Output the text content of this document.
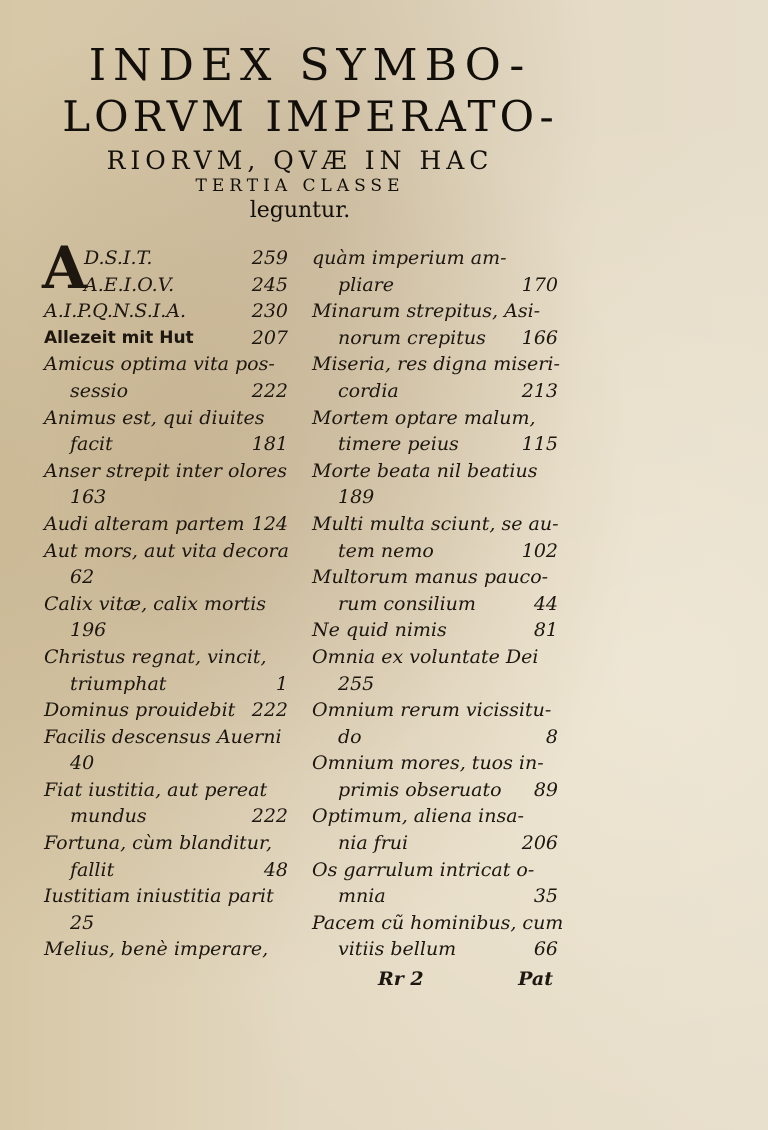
INDEX SYMBO-
LORVM IMPERATO-
RIORVM, QVÆ IN HAC
TERTIA CLASSE
leguntur.
A
D.S.I.T.	259
A.E.I.O.V.	245
A.I.P.Q.N.S.I.A.	230
Allezeit mit Hut	207
Amicus optima vita pos-
sessio	222
Animus est, qui diuites
facit	181
Anser strepit inter olores
163
Audi alteram partem 124
Aut mors, aut vita decora
62
Calix vitæ, calix mortis
196
Christus regnat, vincit,
triumphat	1
Dominus prouidebit 222
Facilis descensus Auerni
40
Fiat iustitia, aut pereat
mundus	222
Fortuna, cùm blanditur,
fallit	48
Iustitiam iniustitia parit
25
Melius, benè imperare,
quàm imperium am-
pliare	170
Minarum strepitus, Asi-
norum crepitus	166
Miseria, res digna miseri-
cordia	213
Mortem optare malum,
timere peius	115
Morte beata nil beatius
189
Multi multa sciunt, se au-
tem nemo	102
Multorum manus pauco-
rum consilium	44
Ne quid nimis	81
Omnia ex voluntate Dei
255
Omnium rerum vicissitu-
do	8
Omnium mores, tuos in-
primis obseruato	89
Optimum, aliena insa-
nia frui	206
Os garrulum intricat o-
mnia	35
Pacem cũ hominibus, cum
vitiis bellum	66
Rr 2	Pat
